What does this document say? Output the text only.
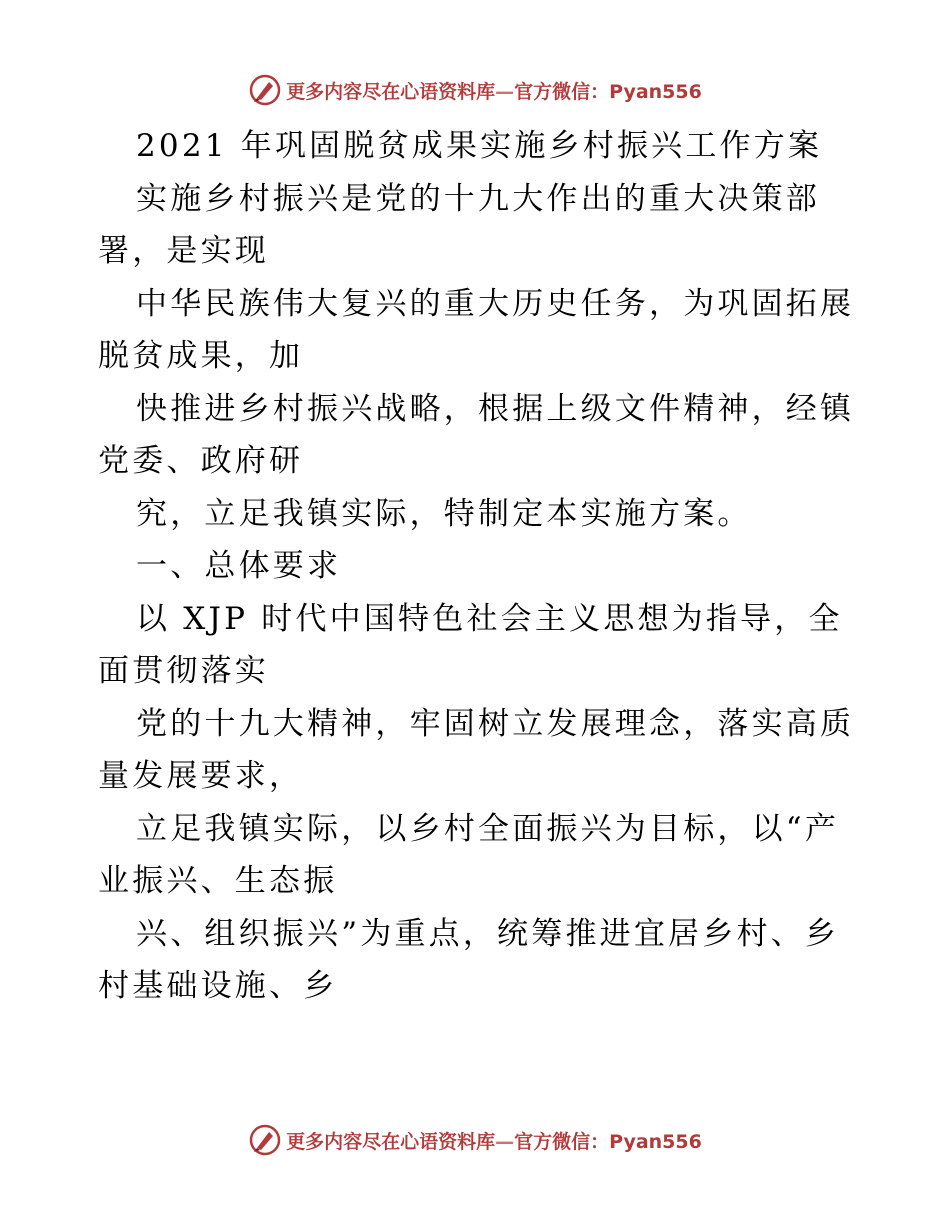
更多内容尽在心语资料库—官方微信：Pyan556
2021 年巩固脱贫成果实施乡村振兴工作方案
实施乡村振兴是党的十九大作出的重大决策部
署，是实现
中华民族伟大复兴的重大历史任务，为巩固拓展
脱贫成果，加
快推进乡村振兴战略，根据上级文件精神，经镇
党委、政府研
究，立足我镇实际，特制定本实施方案。
一、总体要求
以 XJP 时代中国特色社会主义思想为指导，全
面贯彻落实
党的十九大精神，牢固树立发展理念，落实高质
量发展要求，
立足我镇实际，以乡村全面振兴为目标，以“产
业振兴、生态振
兴、组织振兴”为重点，统筹推进宜居乡村、乡
村基础设施、乡
更多内容尽在心语资料库—官方微信：Pyan556
